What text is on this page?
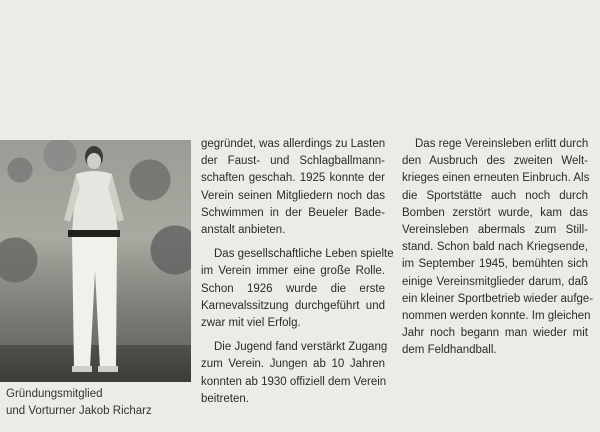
Gründungsmitglied
und Vorturner Jakob Richarz
gegründet, was allerdings zu Lasten
der Faust- und Schlagballmann-
schaften geschah. 1925 konnte der
Verein seinen Mitgliedern noch das
Schwimmen in der Beueler Bade-
anstalt anbieten.
Das gesellschaftliche Leben spielte
im Verein immer eine große Rolle.
Schon 1926 wurde die erste
Karnevalssitzung durchgeführt und
zwar mit viel Erfolg.
Die Jugend fand verstärkt Zugang
zum Verein. Jungen ab 10 Jahren
konnten ab 1930 offiziell dem Verein
beitreten.
Das rege Vereinsleben erlitt durch
den Ausbruch des zweiten Welt-
krieges einen erneuten Einbruch. Als
die Sportstätte auch noch durch
Bomben zerstört wurde, kam das
Vereinsleben abermals zum Still-
stand. Schon bald nach Kriegsende,
im September 1945, bemühten sich
einige Vereinsmitglieder darum, daß
ein kleiner Sportbetrieb wieder aufge-
nommen werden konnte. Im gleichen
Jahr noch begann man wieder mit
dem Feldhandball.
